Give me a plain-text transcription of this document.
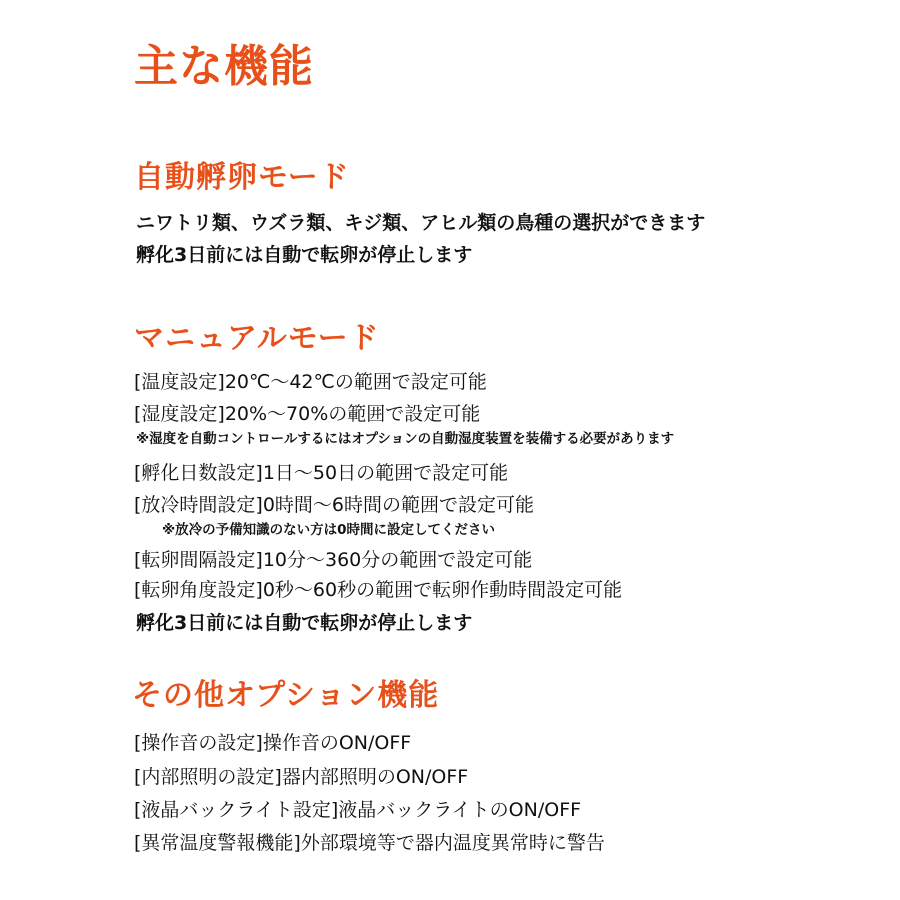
主な機能
自動孵卵モード
ニワトリ類、ウズラ類、キジ類、アヒル類の鳥種の選択ができます
孵化3日前には自動で転卵が停止します
マニュアルモード
[温度設定]20℃～42℃の範囲で設定可能
[湿度設定]20%～70%の範囲で設定可能
※湿度を自動コントロールするにはオプションの自動湿度装置を装備する必要があります
[孵化日数設定]1日～50日の範囲で設定可能
[放冷時間設定]0時間～6時間の範囲で設定可能
※放冷の予備知識のない方は0時間に設定してください
[転卵間隔設定]10分～360分の範囲で設定可能
[転卵角度設定]0秒～60秒の範囲で転卵作動時間設定可能
孵化3日前には自動で転卵が停止します
その他オプション機能
[操作音の設定]操作音のON/OFF
[内部照明の設定]器内部照明のON/OFF
[液晶バックライト設定]液晶バックライトのON/OFF
[異常温度警報機能]外部環境等で器内温度異常時に警告
